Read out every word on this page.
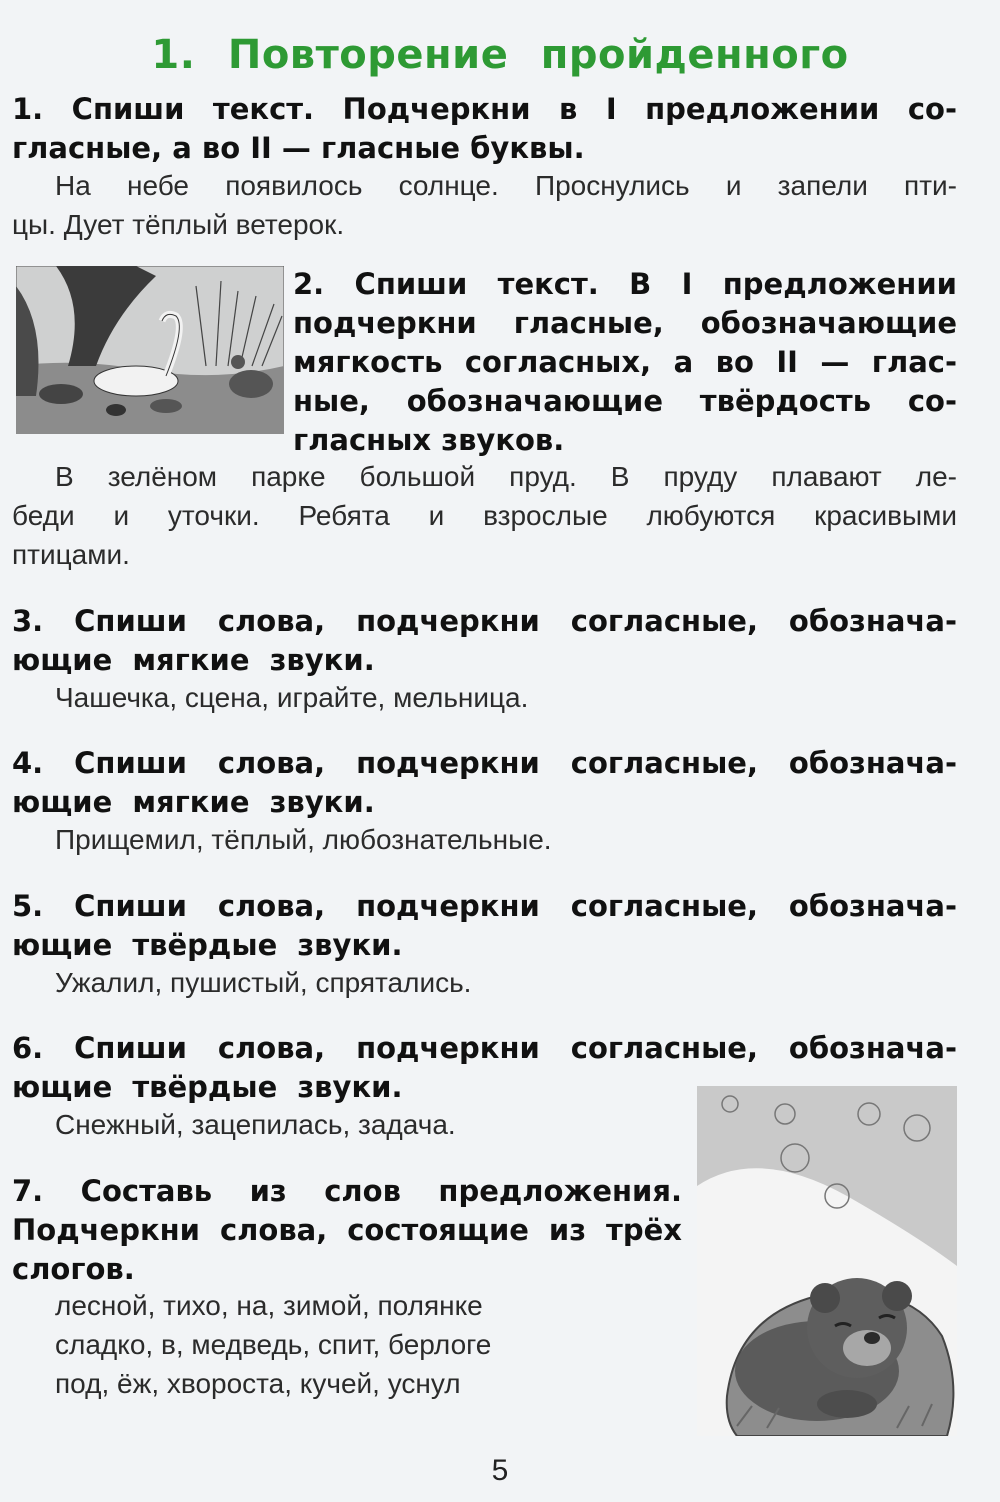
1. Повторение пройденного
1. Спиши текст. Подчеркни в I предложении со-
гласные, а во II — гласные буквы.
На небе появилось солнце. Проснулись и запели пти-
цы. Дует тёплый ветерок.
2. Спиши текст. В I предложении
подчеркни гласные, обозначающие
мягкость согласных, а во II — глас-
ные, обозначающие твёрдость со-
гласных звуков.
В зелёном парке большой пруд. В пруду плавают ле-
беди и уточки. Ребята и взрослые любуются красивыми
птицами.
3. Спиши слова, подчеркни согласные, обознача-
ющие мягкие звуки.
Чашечка, сцена, играйте, мельница.
4. Спиши слова, подчеркни согласные, обознача-
ющие мягкие звуки.
Прищемил, тёплый, любознательные.
5. Спиши слова, подчеркни согласные, обознача-
ющие твёрдые звуки.
Ужалил, пушистый, спрятались.
6. Спиши слова, подчеркни согласные, обознача-
ющие твёрдые звуки.
Снежный, зацепилась, задача.
7. Составь из слов предложения.
Подчеркни слова, состоящие из трёх
слогов.
лесной, тихо, на, зимой, полянке
сладко, в, медведь, спит, берлоге
под, ёж, хвороста, кучей, уснул
5
